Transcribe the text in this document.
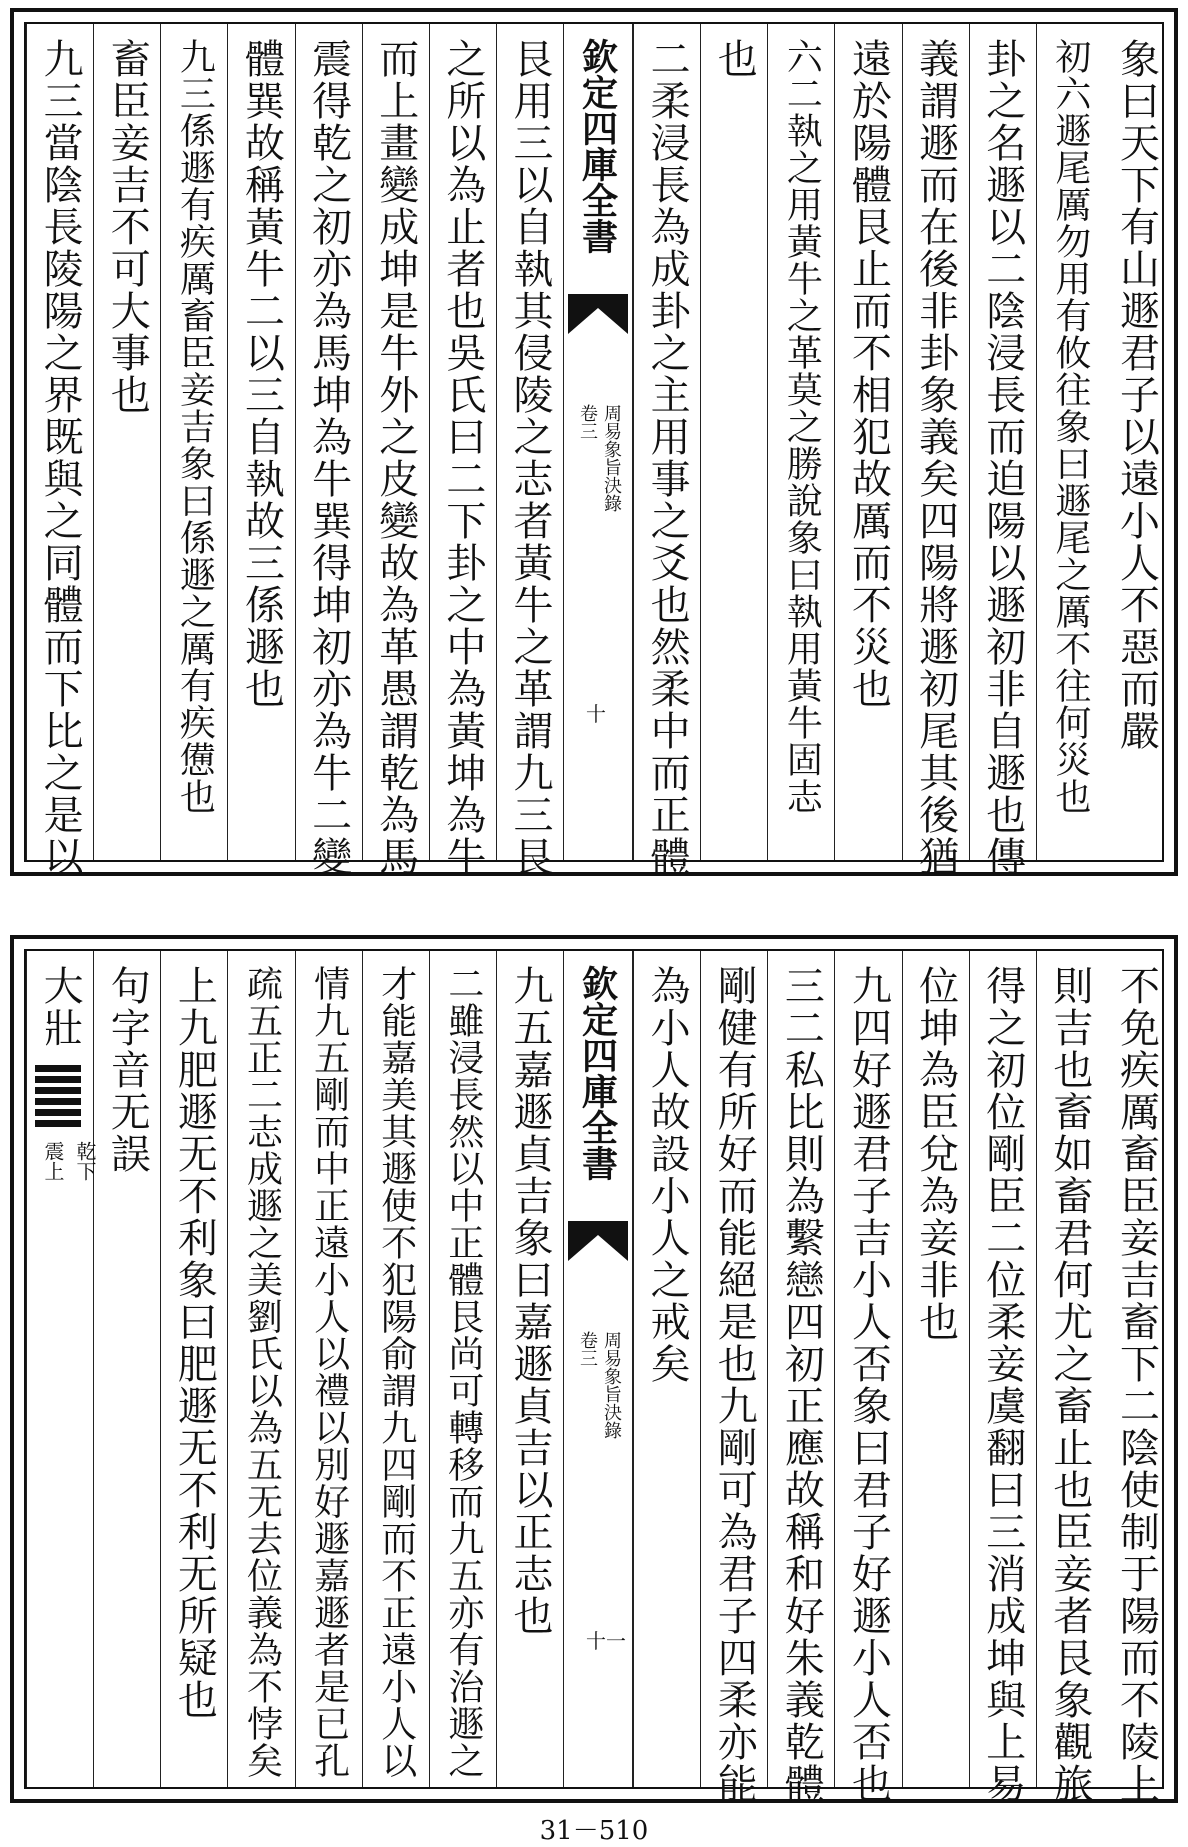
象曰天下有山遯君子以遠小人不惡而嚴
初六遯尾厲勿用有攸往象曰遯尾之厲不往何災也
卦之名遯以二陰浸長而迫陽以遯初非自遯也傳
義謂遯而在後非卦象義矣四陽將遯初尾其後猶
遠於陽體艮止而不相犯故厲而不災也
六二執之用黃牛之革莫之勝說象曰執用黃牛固志
也
二柔浸長為成卦之主用事之爻也然柔中而正體
欽定四庫全書
周易象旨決錄
卷三
十
艮用三以自執其侵陵之志者黃牛之革謂九三艮
之所以為止者也吳氏曰二下卦之中為黃坤為牛
而上畫變成坤是牛外之皮變故為革愚謂乾為馬
震得乾之初亦為馬坤為牛巽得坤初亦為牛二變
體巽故稱黃牛二以三自執故三係遯也
九三係遯有疾厲畜臣妾吉象曰係遯之厲有疾憊也
畜臣妾吉不可大事也
九三當陰長陵陽之界既與之同體而下比之是以
不免疾厲畜臣妾吉畜下二陰使制于陽而不陵上
則吉也畜如畜君何尤之畜止也臣妾者艮象觀旅
得之初位剛臣二位柔妾虞翻曰三消成坤與上易
位坤為臣兌為妾非也
九四好遯君子吉小人否象曰君子好遯小人否也
三二私比則為繫戀四初正應故稱和好朱義乾體
剛健有所好而能絕是也九剛可為君子四柔亦能
為小人故設小人之戒矣
欽定四庫全書
周易象旨決錄
卷三
十一
九五嘉遯貞吉象曰嘉遯貞吉以正志也
二雖浸長然以中正體艮尚可轉移而九五亦有治遯之
才能嘉美其遯使不犯陽俞謂九四剛而不正遠小人以
情九五剛而中正遠小人以禮以別好遯嘉遯者是已孔
疏五正二志成遯之美劉氏以為五无去位義為不悖矣
上九肥遯无不利象曰肥遯无不利无所疑也
句字音无誤
大壯
乾下
震上
31－510
